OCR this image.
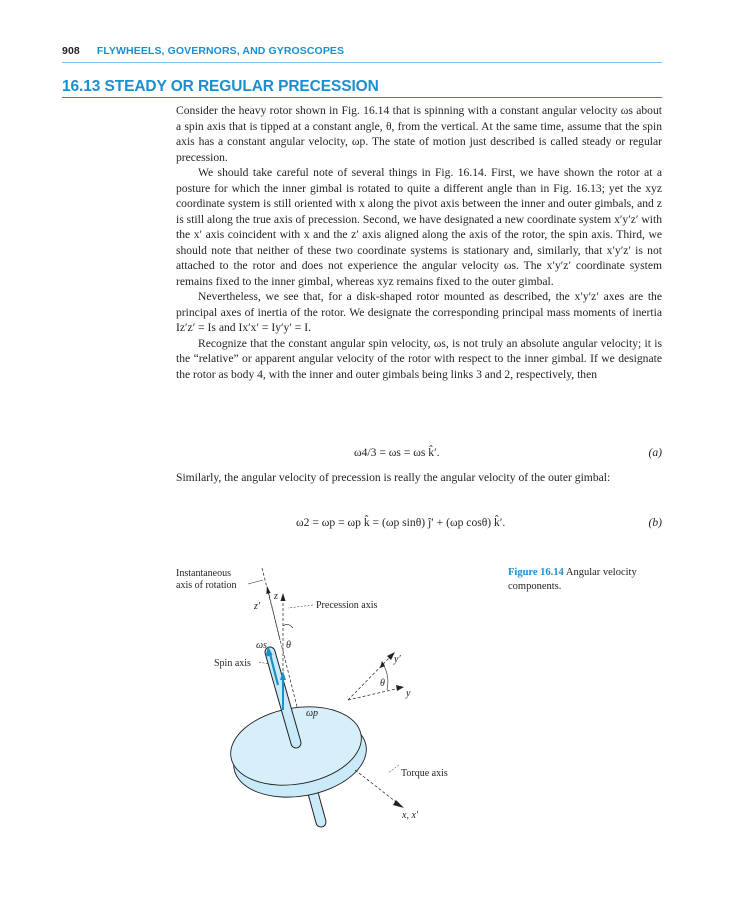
908 FLYWHEELS, GOVERNORS, AND GYROSCOPES
16.13 STEADY OR REGULAR PRECESSION

Consider the heavy rotor shown in Fig. 16.14 that is spinning with a constant angular velocity ωs about a spin axis that is tipped at a constant angle, θ, from the vertical. At the same time, assume that the spin axis has a constant angular velocity, ωp. The state of motion just described is called steady or regular precession.

We should take careful note of several things in Fig. 16.14. First, we have shown the rotor at a posture for which the inner gimbal is rotated to quite a different angle than in Fig. 16.13; yet the xyz coordinate system is still oriented with x along the pivot axis between the inner and outer gimbals, and z is still along the true axis of precession. Second, we have designated a new coordinate system x′y′z′ with the x′ axis coincident with x and the z′ axis aligned along the axis of the rotor, the spin axis. Third, we should note that neither of these two coordinate systems is stationary and, similarly, that x′y′z′ is not attached to the rotor and does not experience the angular velocity ωs. The x′y′z′ coordinate system remains fixed to the inner gimbal, whereas xyz remains fixed to the outer gimbal.

Nevertheless, we see that, for a disk-shaped rotor mounted as described, the x′y′z′ axes are the principal axes of inertia of the rotor. We designate the corresponding principal mass moments of inertia Iz′z′ = Is and Ix′x′ = Iy′y′ = I.

Recognize that the constant angular spin velocity, ωs, is not truly an absolute angular velocity; it is the “relative” or apparent angular velocity of the rotor with respect to the inner gimbal. If we designate the rotor as body 4, with the inner and outer gimbals being links 3 and 2, respectively, then

ω4/3 = ωs = ωs k̂′.	(a)

Similarly, the angular velocity of precession is really the angular velocity of the outer gimbal:

ω2 = ωp = ωp k̂ = (ωp sinθ) ĵ′ + (ωp cosθ) k̂′.	(b)
Figure 16.14 Angular velocity components.
Instantaneous
axis of rotation
z′
z
Precession axis
ωs θ
Spin axis	y′
θ
y
ωp
Torque axis
x, x′
